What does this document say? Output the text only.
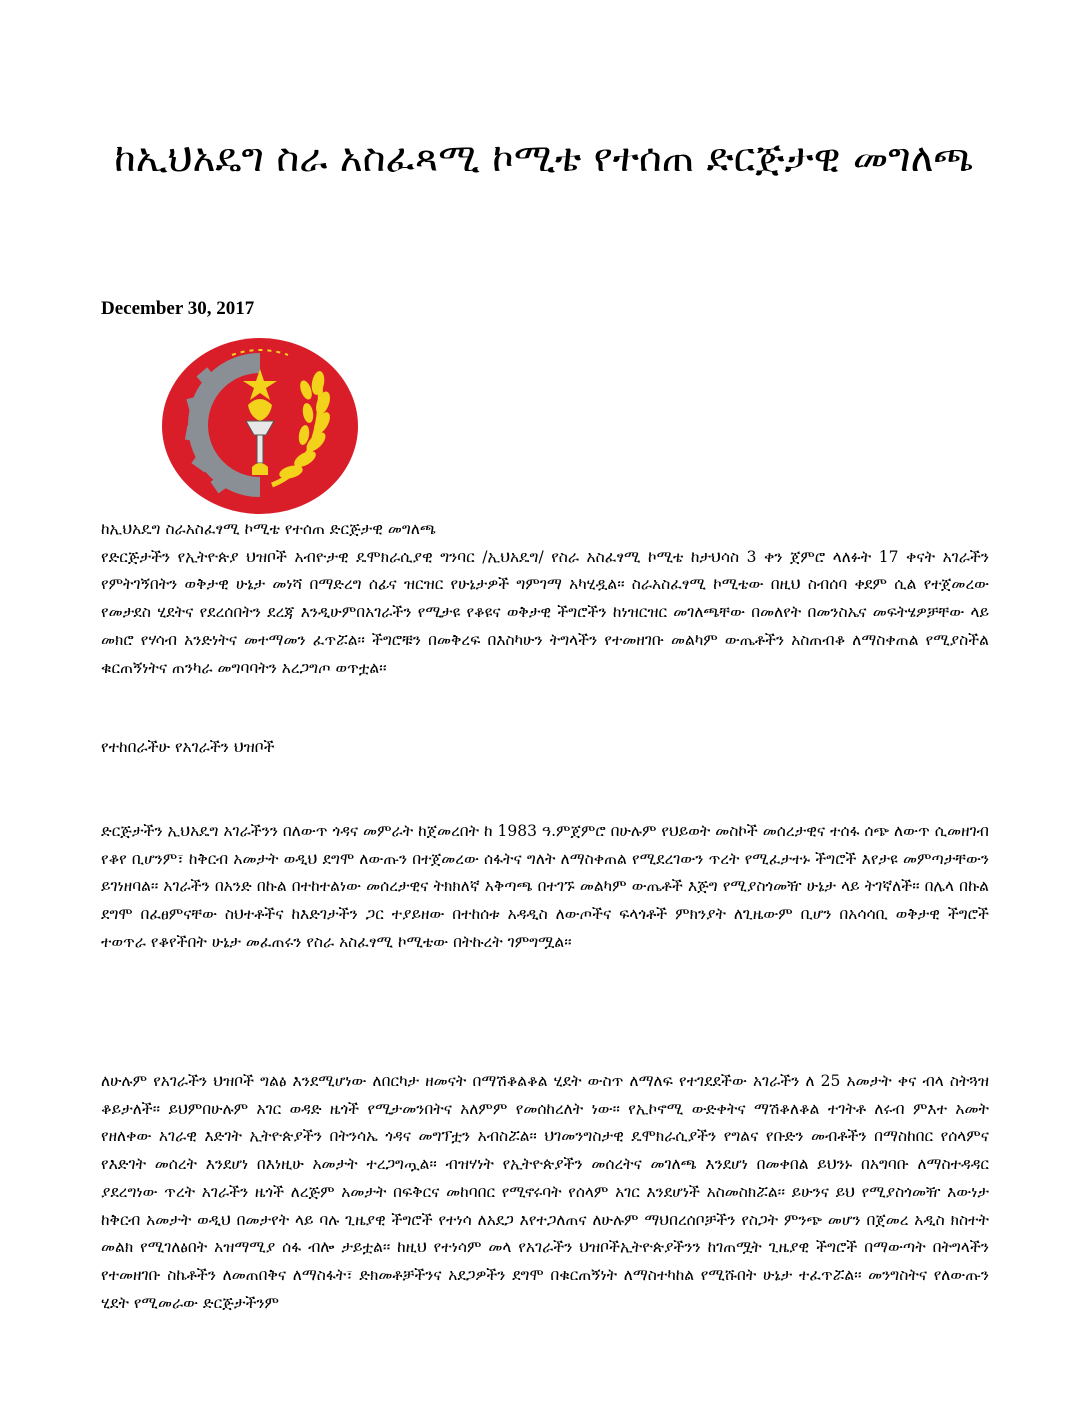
ከኢህአዴግ ስራ አስፈጻሚ ኮሚቴ የተሰጠ ድርጅታዊ መግለጫ
December 30, 2017

ከኢህአዴግ ስራአስፈፃሚ ኮሚቴ የተሰጠ ድርጅታዊ መግለጫ

የድርጅታችን የኢትዮጵያ ህዝቦች አብዮታዊ ዴሞክራሲያዊ ግንባር /ኢህአዴግ/ የስራ አስፈፃሚ ኮሚቴ ከታህሳስ 3 ቀን ጀምሮ ላለፉት 17 ቀናት አገራችን የምትገኝበትን ወቅታዊ ሁኔታ መነሻ በማድረግ ሰፊና ዝርዝር የሁኔታዎች ግምገማ አካሂዷል፡፡ ስራአስፈፃሚ ኮሚቴው በዚህ ስብሰባ ቀደም ሲል የተጀመረው የመታደስ ሂደትና የደረሰበትን ደረጃ እንዲሁምበአገራችን የሚታዩ የቆዩና ወቅታዊ ችግሮችን ከነዝርዝር መገለጫቸው በመለየት በመንስኤና መፍትሄዎቻቸው ላይ መክሮ የሃሳብ አንድነትና መተማመን ፈጥሯል፡፡ ችግሮቹን በመቅረፍ በእስካሁን ትግላችን የተመዘገቡ መልካም ውጤቶችን አስጠብቆ ለማስቀጠል የሚያስችል ቁርጠኝነትና ጠንካራ መግባባትን አረጋግጦ ወጥቷል፡፡

የተከበራችሁ የአገራችን ህዝቦች
ድርጅታችን ኢህአዴግ አገራችንን በለውጥ ጎዳና መምራት ከጀመረበት ከ 1983 ዓ.ምጀምሮ በሁሉም የህይወት መስኮች መሰረታዊና ተሰፋ ሰጭ ለውጥ ሲመዘገብ የቆየ ቢሆንም፣ ከቅርብ አመታት ወዲህ ደግሞ ለውጡን በተጀመረው ሰፋትና ግለት ለማስቀጠል የሚደረገውን ጥረት የሚፈታተኑ ችግሮች እየታዩ መምጣታቸውን ይገነዘባል፡፡ አገራችን በአንድ በኩል በተከተልነው መሰረታዊና ትክክለኛ አቅጣጫ በተገኙ መልካም ውጤቶች እጅግ የሚያስጎመዥ ሁኔታ ላይ ትገኛለች፡፡ በሌላ በኩል ደግሞ በፈፀምናቸው ስህተቶችና ከእድገታችን ጋር ተያይዘው በተከሰቱ አዳዲስ ለውጦችና ፍላጎቶች ምክንያት ለጊዜውም ቢሆን በአሳሳቢ ወቅታዊ ችግሮች ተወጥራ የቆየችበት ሁኔታ መፈጠሩን የስራ አስፈፃሚ ኮሚቴው በትኩረት ገምግሟል፡፡
ለሁሉም የአገራችን ህዝቦች ግልፅ እንደሚሆነው ለበርካታ ዘመናት በማሽቆልቆል ሂደት ውስጥ ለማለፍ የተገደደችው አገራችን ለ 25 አመታት ቀና ብላ ስትጓዝ ቆይታለች፡፡ ይህምበሁሉም አገር ወዳድ ዜጎች የሚታመንበትና አለምም የመሰከረለት ነው፡፡ የኢኮኖሚ ውድቀትና ማሽቆለቆል ተገትቶ ለሩብ ምእተ አመት የዘለቀው አገራዊ እድገት ኢትዮጵያችን በትንሳኤ ጎዳና መግፕቷን አብስሯል፡፡ ህገመንግስታዊ ዴሞክራሲያችን የግልና የቡድን መብቶችን በማስከበር የሰላምና የእድገት መሰረት እንደሆነ በእነዚሁ አመታት ተረጋግጧል፡፡ ብዝሃነት የኢትዮጵያችን መሰረትና መገለጫ እንደሆነ በመቀበል ይህንኑ በአግባቡ ለማስተዳዳር ያደረግነው ጥረት አገራችን ዜጎች ለረጅም አመታት በፍቅርና መከባበር የሚኖሩባት የሰላም አገር እንደሆነች አስመስክሯል፡፡ ይሁንና ይህ የሚያስጎመዥ እውነታ ከቅርብ አመታት ወዲህ በመታየት ላይ ባሉ ጊዜያዊ ችግሮች የተነሳ ለአደጋ እየተጋለጠና ለሁሉም ማህበረሰቦቻችን የስጋት ምንጭ መሆን በጀመረ አዲስ ክስተት መልክ የሚገለፅበት አዝማሚያ ሰፋ ብሎ ታይቷል፡፡ ከዚህ የተነሳም መላ የአገራችን ህዝቦችኢትዮጵያችንን ከገጠሟት ጊዜያዊ ችግሮች በማውጣት በትግላችን የተመዘገቡ ስኬቶችን ለመጠበቅና ለማስፋት፣ ድክመቶቻችንና አደጋዎችን ደግሞ በቁርጠኝነት ለማስተካከል የሚሹበት ሁኔታ ተፈጥሯል፡፡ መንግስትና የለውጡን ሂደት የሚመራው ድርጅታችንም
